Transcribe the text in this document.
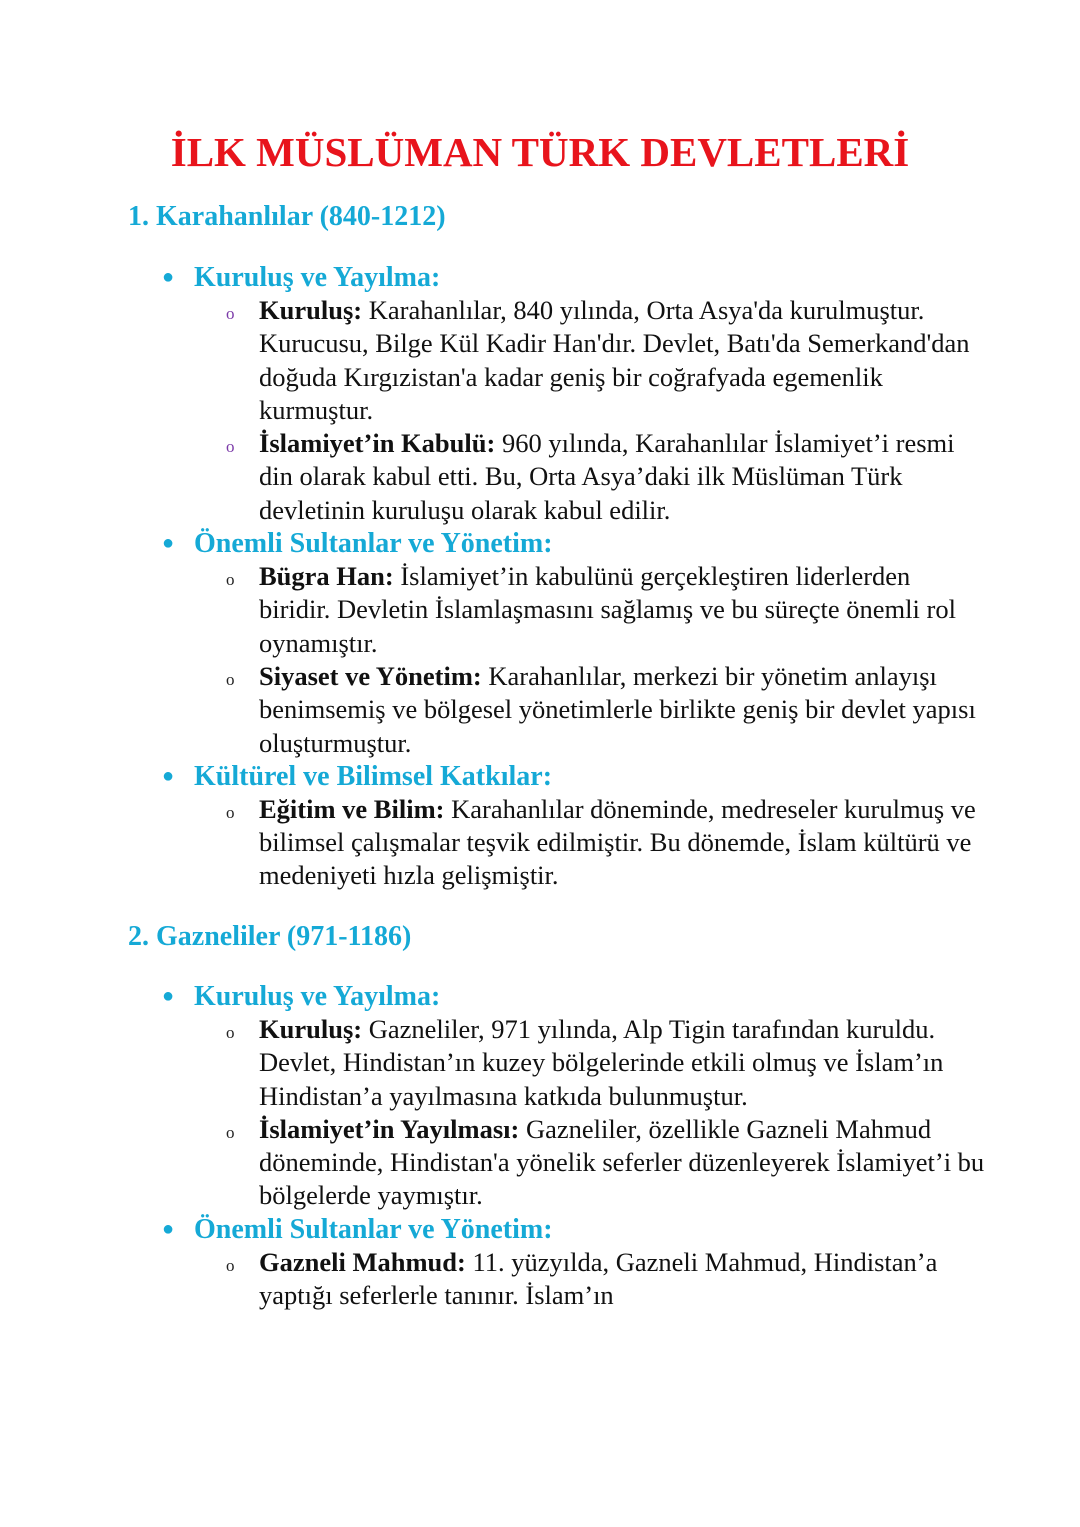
İLK MÜSLÜMAN TÜRK DEVLETLERİ
1. Karahanlılar (840-1212)
● Kuruluş ve Yayılma:
o Kuruluş: Karahanlılar, 840 yılında, Orta Asya'da kurulmuştur. Kurucusu, Bilge Kül Kadir Han'dır. Devlet, Batı'da Semerkand'dan doğuda Kırgızistan'a kadar geniş bir coğrafyada egemenlik kurmuştur.
o İslamiyet’in Kabulü: 960 yılında, Karahanlılar İslamiyet’i resmi din olarak kabul etti. Bu, Orta Asya’daki ilk Müslüman Türk devletinin kuruluşu olarak kabul edilir.
● Önemli Sultanlar ve Yönetim:
o Bügra Han: İslamiyet’in kabulünü gerçekleştiren liderlerden biridir. Devletin İslamlaşmasını sağlamış ve bu süreçte önemli rol oynamıştır.
o Siyaset ve Yönetim: Karahanlılar, merkezi bir yönetim anlayışı benimsemiş ve bölgesel yönetimlerle birlikte geniş bir devlet yapısı oluşturmuştur.
● Kültürel ve Bilimsel Katkılar:
o Eğitim ve Bilim: Karahanlılar döneminde, medreseler kurulmuş ve bilimsel çalışmalar teşvik edilmiştir. Bu dönemde, İslam kültürü ve medeniyeti hızla gelişmiştir.
2. Gazneliler (971-1186)
● Kuruluş ve Yayılma:
o Kuruluş: Gazneliler, 971 yılında, Alp Tigin tarafından kuruldu. Devlet, Hindistan’ın kuzey bölgelerinde etkili olmuş ve İslam’ın Hindistan’a yayılmasına katkıda bulunmuştur.
o İslamiyet’in Yayılması: Gazneliler, özellikle Gazneli Mahmud döneminde, Hindistan'a yönelik seferler düzenleyerek İslamiyet’i bu bölgelerde yaymıştır.
● Önemli Sultanlar ve Yönetim:
o Gazneli Mahmud: 11. yüzyılda, Gazneli Mahmud, Hindistan’a yaptığı seferlerle tanınır. İslam’ın
